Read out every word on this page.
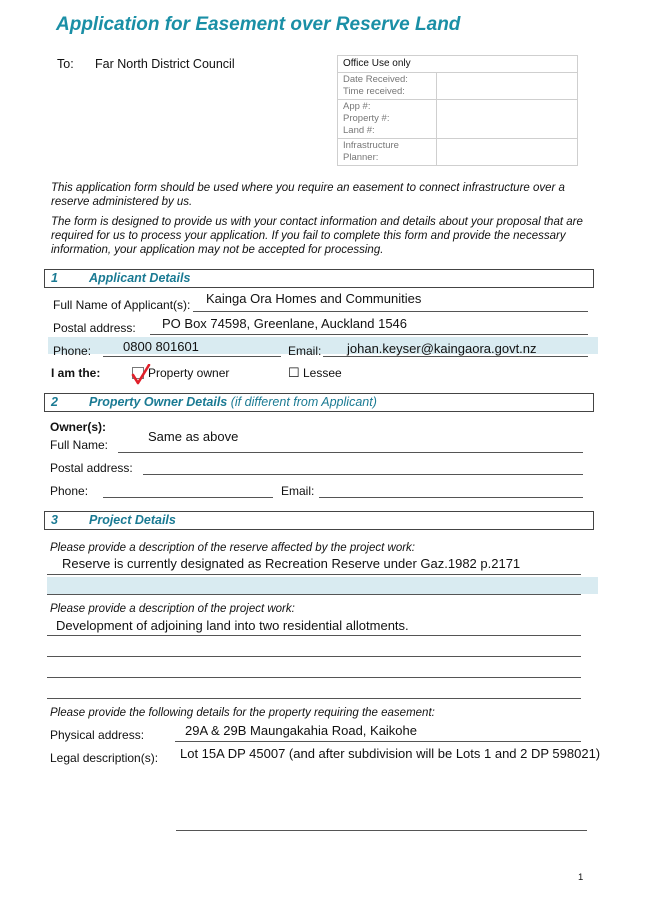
Application for Easement over Reserve Land
To: Far North District Council	Office Use only	

Date Received:
Time received:	

App #:
Property #:
Land #:	

Infrastructure
Planner:	

This application form should be used where you require an easement to connect infrastructure over a reserve administered by us.
The form is designed to provide us with your contact information and details about your proposal that are required for us to process your application. If you fail to complete this form and provide the necessary information, your application may not be accepted for processing.
1 Applicant Details
Full Name of Applicant(s): Kainga Ora Homes and Communities
Postal address: PO Box 74598, Greenlane, Auckland 1546
Phone: 0800 801601	Email: johan.keyser@kaingaora.govt.nz
I am the:	Property owner	☐ Lessee
2 Property Owner Details (if different from Applicant)
Owner(s):
Full Name:
Same as above
Postal address:
Phone:	Email:
3 Project Details
Please provide a description of the reserve affected by the project work:
Reserve is currently designated as Recreation Reserve under Gaz.1982 p.2171
Please provide a description of the project work:
Development of adjoining land into two residential allotments.
Please provide the following details for the property requiring the easement:
Physical address:	29A & 29B Maungakahia Road, Kaikohe
Legal description(s): Lot 15A DP 45007 (and after subdivision will be Lots 1 and 2 DP 598021)
1
